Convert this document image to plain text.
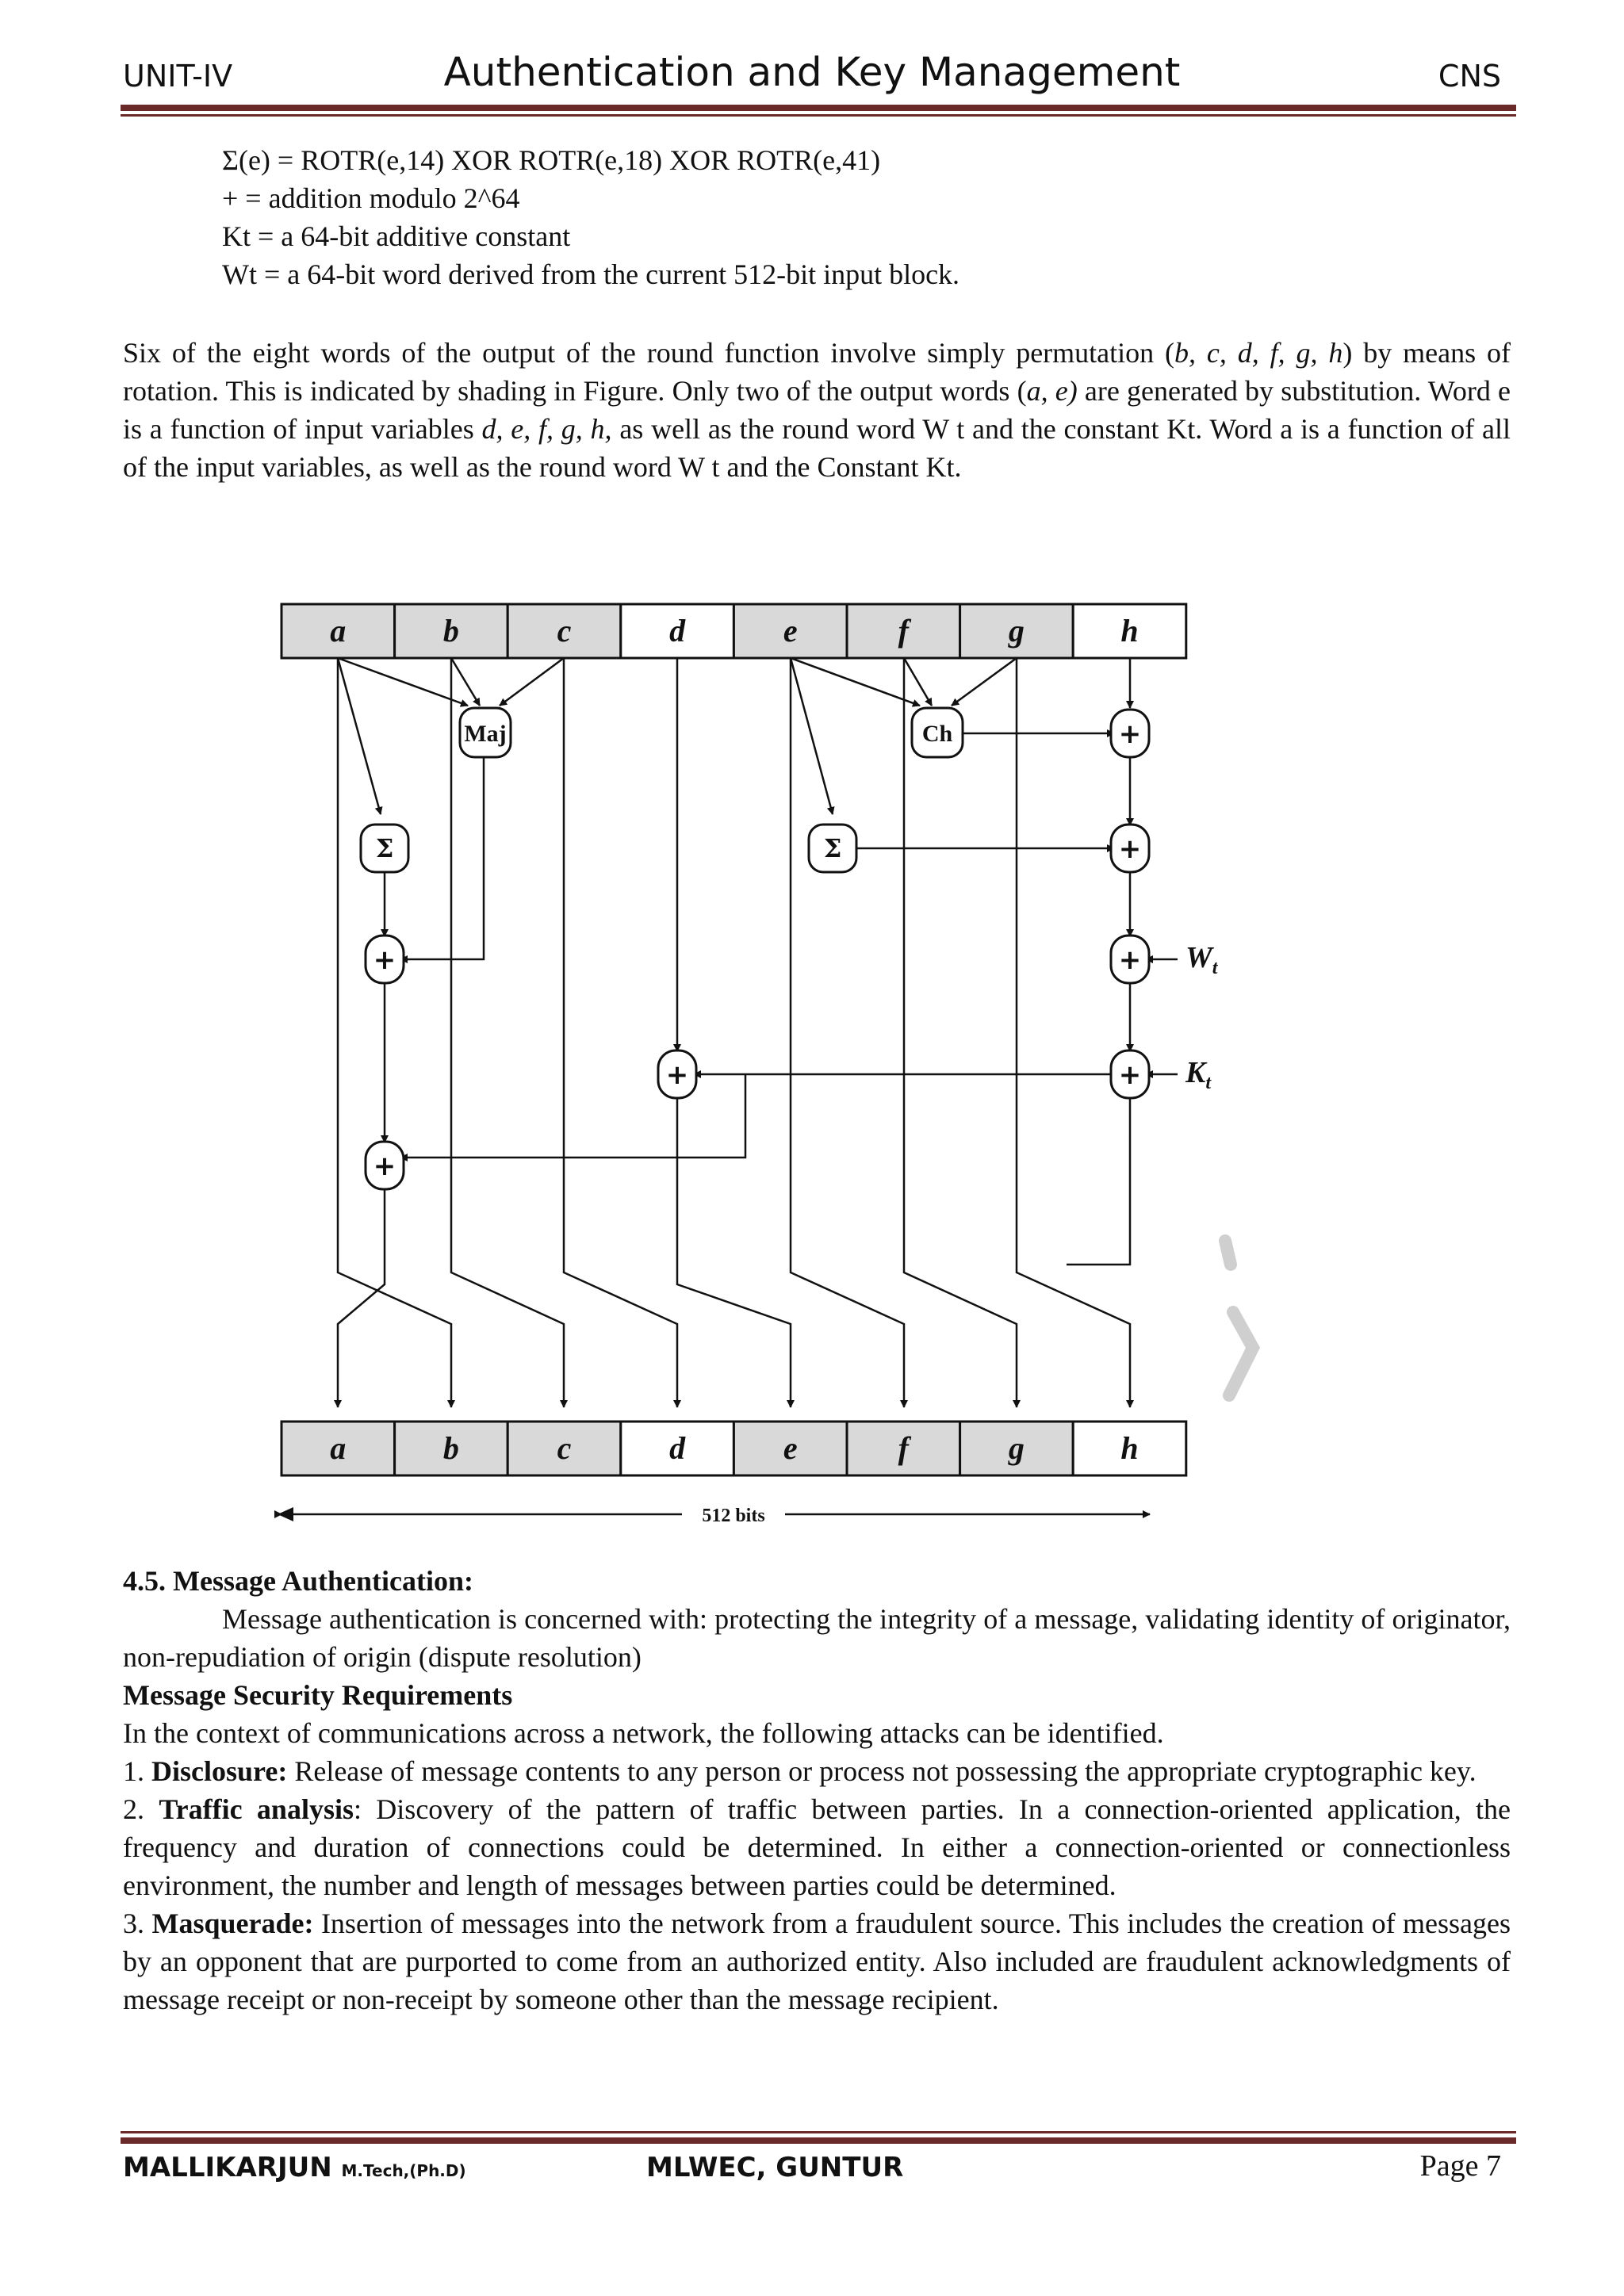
UNIT-IV	Authentication and Key Management	CNS
Σ(e) = ROTR(e,14) XOR ROTR(e,18) XOR ROTR(e,41)
+ = addition modulo 2^64
Kt = a 64-bit additive constant
Wt = a 64-bit word derived from the current 512-bit input block.
Six of the eight words of the output of the round function involve simply permutation (b, c, d, f, g, h) by means of rotation. This is indicated by shading in Figure. Only two of the output words (a, e) are generated by substitution. Word e is a function of input variables d, e, f, g, h, as well as the round word W t and the constant Kt. Word a is a function of all of the input variables, as well as the round word W t and the Constant Kt.
a	b	c	d	e	f	g	h
a	b	c	d	e	f	g	h
Maj	Ch
Σ	Σ
+
+
+
+
+
+
+
$W_t$
$K_t$
512 bits
4.5. Message Authentication:
Message authentication is concerned with: protecting the integrity of a message, validating identity of originator, non-repudiation of origin (dispute resolution)
Message Security Requirements
In the context of communications across a network, the following attacks can be identified.
1. Disclosure: Release of message contents to any person or process not possessing the appropriate cryptographic key.
2. Traffic analysis: Discovery of the pattern of traffic between parties. In a connection-oriented application, the frequency and duration of connections could be determined. In either a connection-oriented or connectionless environment, the number and length of messages between parties could be determined.
3. Masquerade: Insertion of messages into the network from a fraudulent source. This includes the creation of messages by an opponent that are purported to come from an authorized entity. Also included are fraudulent acknowledgments of message receipt or non-receipt by someone other than the message recipient.
MALLIKARJUN M.Tech,(Ph.D)	MLWEC, GUNTUR	Page 7
